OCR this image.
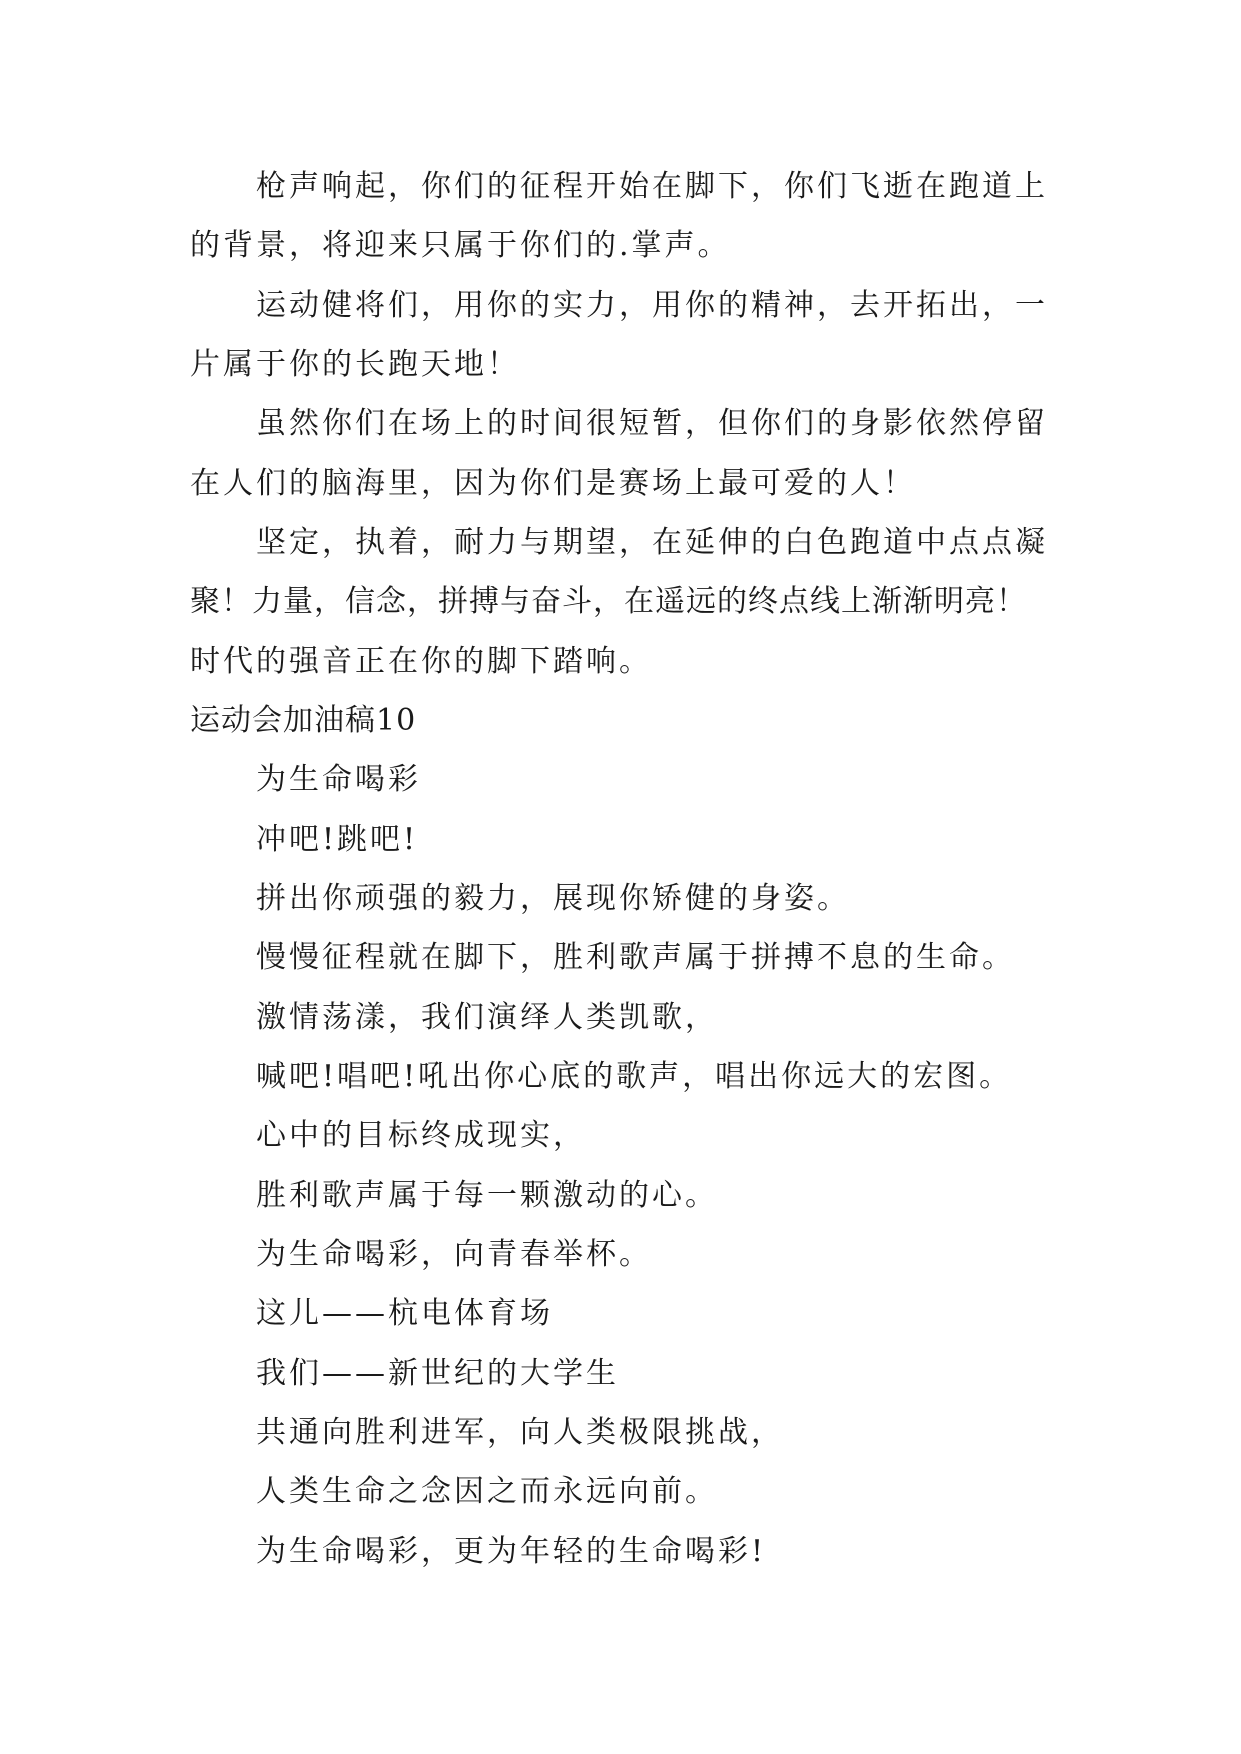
枪声响起，你们的征程开始在脚下，你们飞逝在跑道上
的背景，将迎来只属于你们的.掌声。
运动健将们，用你的实力，用你的精神，去开拓出，一
片属于你的长跑天地！
虽然你们在场上的时间很短暂，但你们的身影依然停留
在人们的脑海里，因为你们是赛场上最可爱的人！
坚定，执着，耐力与期望，在延伸的白色跑道中点点凝
聚！力量，信念，拼搏与奋斗，在遥远的终点线上渐渐明亮！
时代的强音正在你的脚下踏响。
运动会加油稿10
为生命喝彩
冲吧!跳吧!
拼出你顽强的毅力，展现你矫健的身姿。
慢慢征程就在脚下，胜利歌声属于拼搏不息的生命。
激情荡漾，我们演绎人类凯歌，
喊吧!唱吧!吼出你心底的歌声，唱出你远大的宏图。
心中的目标终成现实，
胜利歌声属于每一颗激动的心。
为生命喝彩，向青春举杯。
这儿——杭电体育场
我们——新世纪的大学生
共通向胜利进军，向人类极限挑战，
人类生命之念因之而永远向前。
为生命喝彩，更为年轻的生命喝彩!
